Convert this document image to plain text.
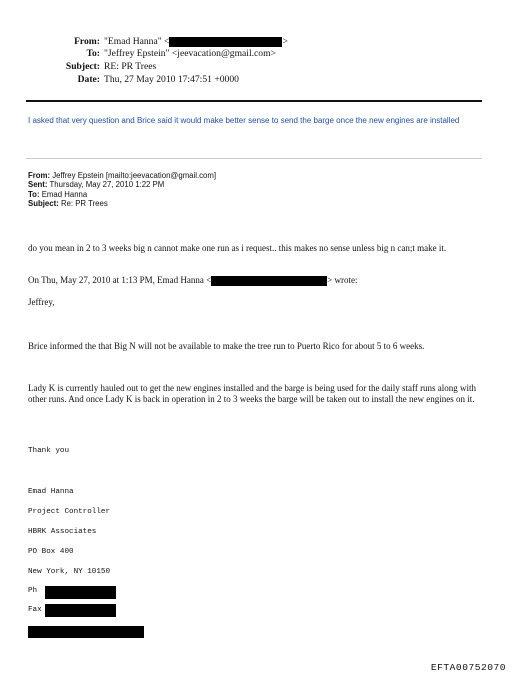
From: "Emad Hanna" <	>
To: "Jeffrey Epstein" <jeevacation@gmail.com>
Subject: RE: PR Trees
Date: Thu, 27 May 2010 17:47:51 +0000
I asked that very question and Brice said it would make better sense to send the barge once the new engines are installed
From: Jeffrey Epstein [mailto:jeevacation@gmail.com]
Sent: Thursday, May 27, 2010 1:22 PM
To: Emad Hanna
Subject: Re: PR Trees
do you mean in 2 to 3 weeks big n cannot make one run as i request.. this makes no sense unless big n can;t make it.
On Thu, May 27, 2010 at 1:13 PM, Emad Hanna <	> wrote:
Jeffrey,
Brice informed the that Big N will not be available to make the tree run to Puerto Rico for about 5 to 6 weeks.
Lady K is currently hauled out to get the new engines installed and the barge is being used for the daily staff runs along with other runs. And once Lady K is back in operation in 2 to 3 weeks the barge will be taken out to install the new engines on it.
Thank you
Emad Hanna
Project Controller
HBRK Associates
PO Box 400
New York, NY 10150
Ph
Fax
EFTA00752070
